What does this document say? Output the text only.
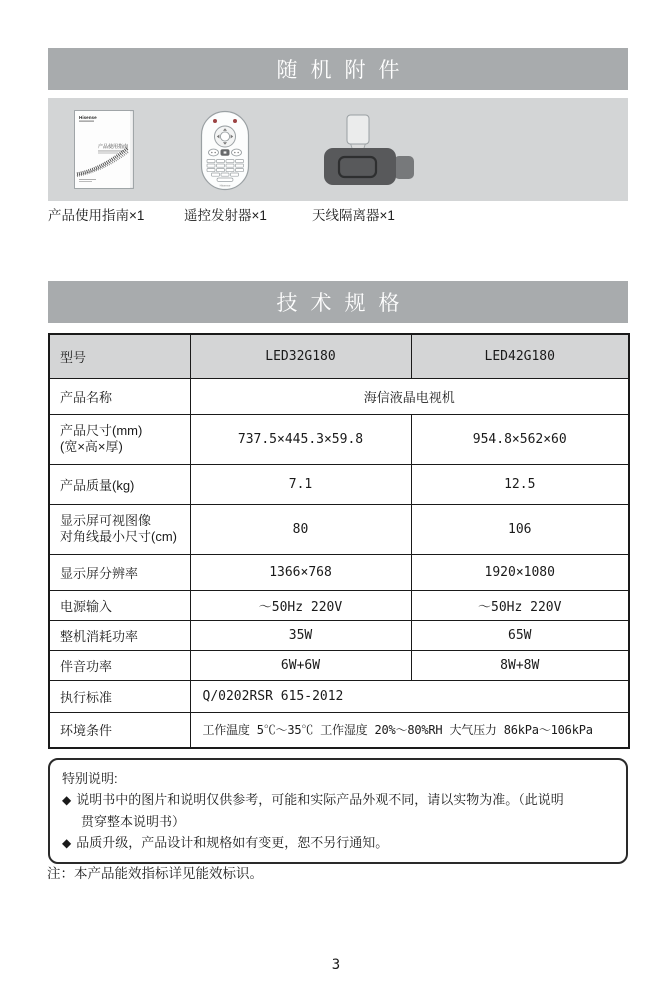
随机附件
Hisense
产品使用指南
Hisense
产品使用指南×1	遥控发射器×1	天线隔离器×1
技术规格
型号	LED32G180	LED42G180
产品名称	海信液晶电视机	

产品尺寸(mm)
(宽×高×厚)	737.5×445.3×59.8	954.8×562×60
产品质量(kg)	7.1	12.5

显示屏可视图像
对角线最小尺寸(cm)	80	106
显示屏分辨率	1366×768	1920×1080
电源输入	～50Hz 220V	～50Hz 220V
整机消耗功率	35W	65W
伴音功率	6W+6W	8W+8W
执行标准	Q/0202RSR 615-2012	
环境条件	工作温度 5℃～35℃ 工作湿度 20%～80%RH 大气压力 86kPa～106kPa	
特别说明:
◆ 说明书中的图片和说明仅供参考，可能和实际产品外观不同，请以实物为准。（此说明贯穿整本说明书）
◆ 品质升级，产品设计和规格如有变更，恕不另行通知。
注：本产品能效指标详见能效标识。
3
